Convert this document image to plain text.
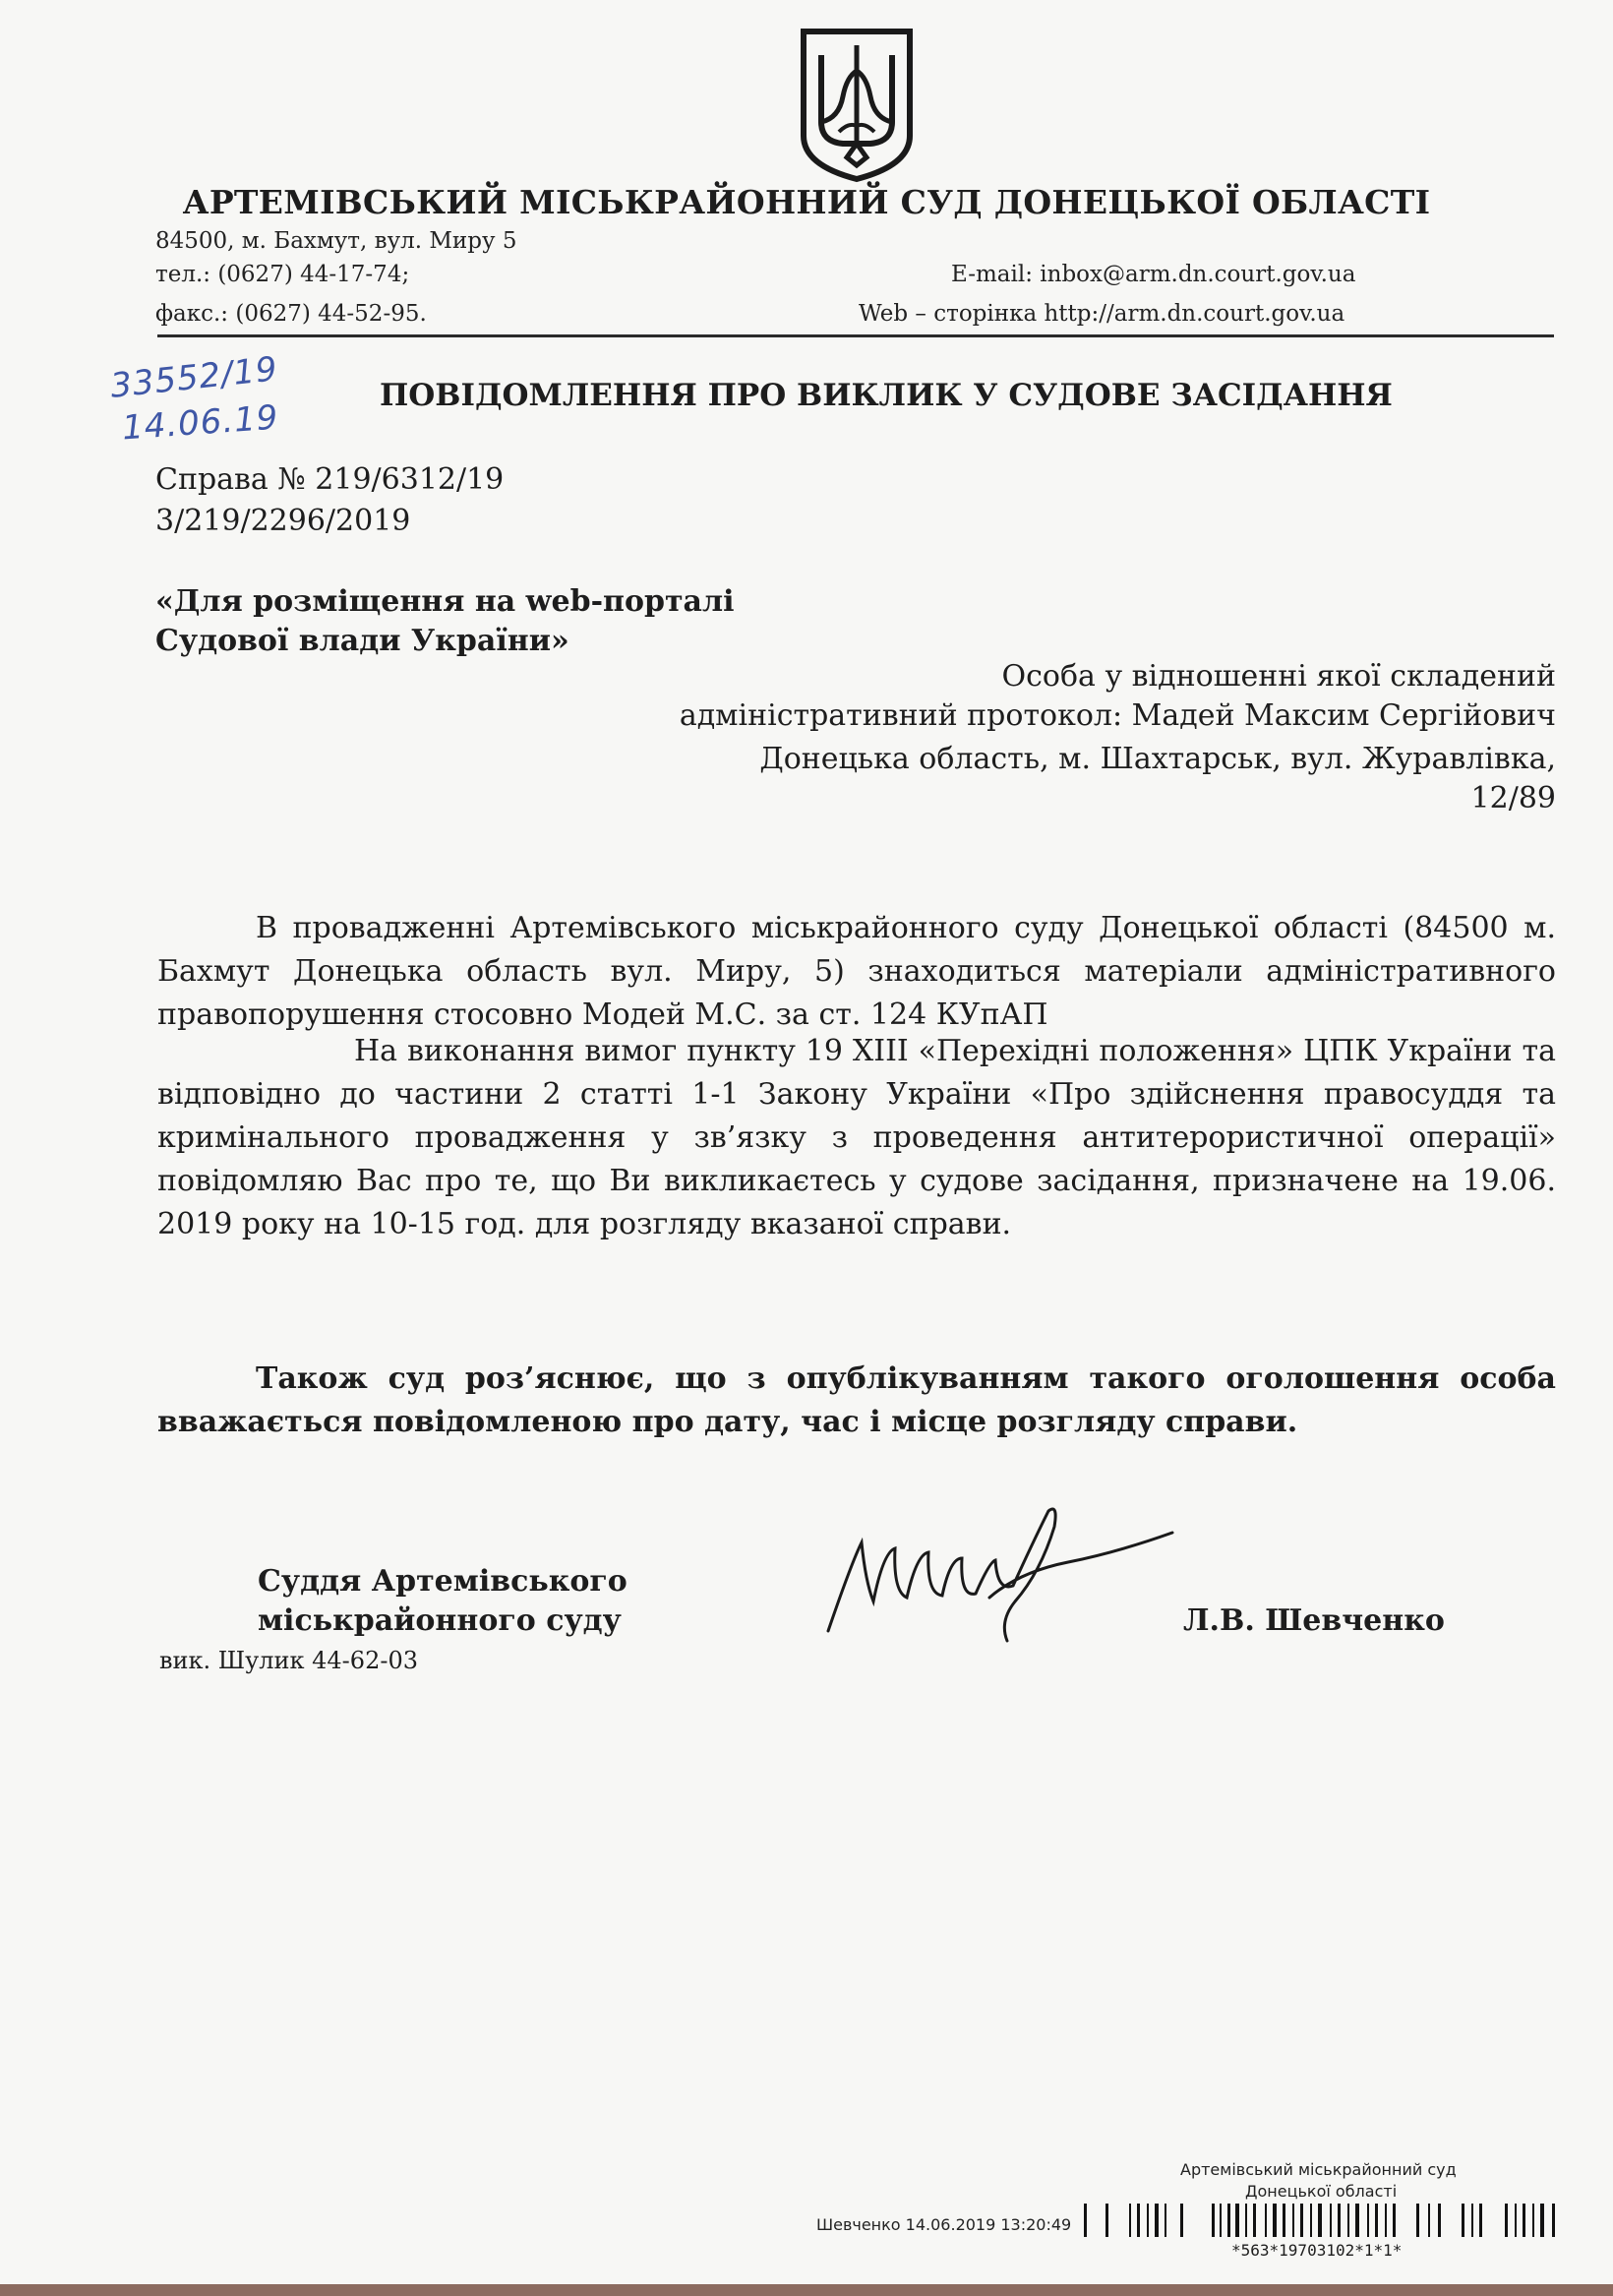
АРТЕМІВСЬКИЙ МІСЬКРАЙОННИЙ СУД ДОНЕЦЬКОЇ ОБЛАСТІ
84500, м. Бахмут, вул. Миру 5
тел.: (0627) 44-17-74;
факс.: (0627) 44-52-95.
E-mail: inbox@arm.dn.court.gov.ua
Web – сторінка http://arm.dn.court.gov.ua
33552/19
14.06.19
ПОВІДОМЛЕННЯ ПРО ВИКЛИК У СУДОВЕ ЗАСІДАННЯ
Справа № 219/6312/19
3/219/2296/2019
«Для розміщення на web-порталі
Судової влади України»
Особа у відношенні якої складений
адміністративний протокол: Мадей Максим Сергійович
Донецька область, м. Шахтарськ, вул. Журавлівка,
12/89
В провадженні Артемівського міськрайонного суду Донецької області (84500 м. Бахмут Донецька область вул. Миру, 5) знаходиться матеріали адміністративного правопорушення стосовно Модей М.С. за ст. 124 КУпАП
На виконання вимог пункту 19 XIII «Перехідні положення» ЦПК України та відповідно до частини 2 статті 1-1 Закону України «Про здійснення правосуддя та кримінального провадження у зв’язку з проведення антитерористичної операції» повідомляю Вас про те, що Ви викликаєтесь у судове засідання, призначене на 19.06. 2019 року на 10-15 год. для розгляду вказаної справи.
Також суд роз’яснює, що з опублікуванням такого оголошення особа вважається повідомленою про дату, час і місце розгляду справи.
Суддя Артемівського
міськрайонного суду
вик. Шулик 44-62-03
Л.В. Шевченко
Артемівський міськрайонний суд
Донецької області
Шевченко 14.06.2019 13:20:49
*563*19703102*1*1*
